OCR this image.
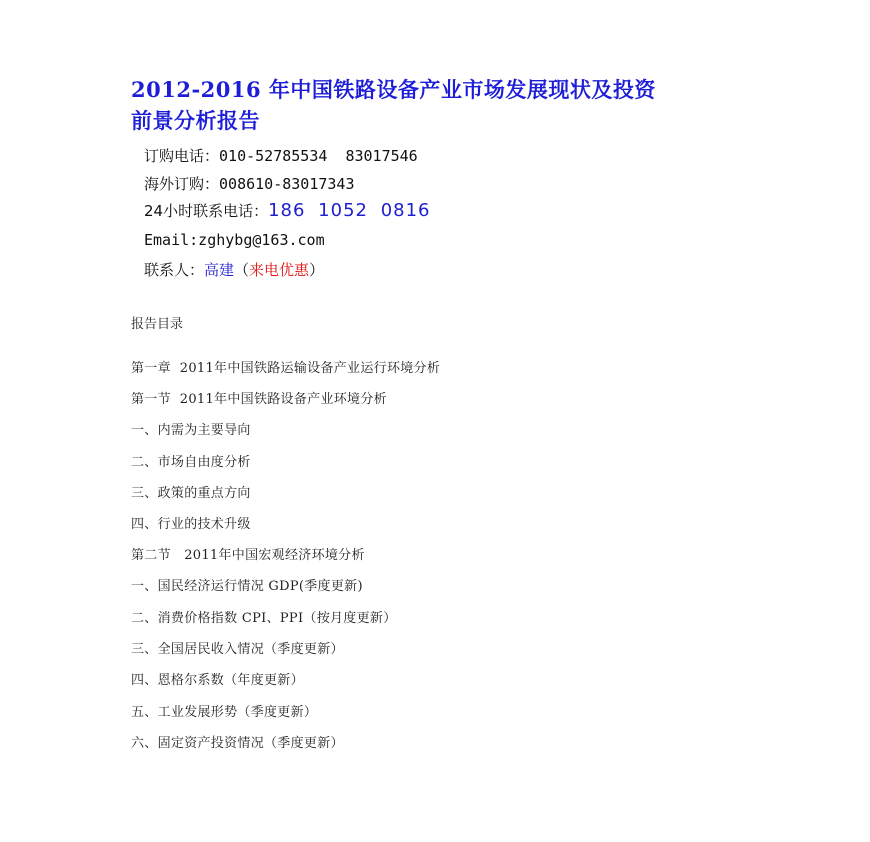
2012-2016 年中国铁路设备产业市场发展现状及投资
前景分析报告
订购电话：010-52785534  83017546
海外订购：008610-83017343
24小时联系电话：186 1052 0816
Email:zghybg@163.com
联系人：高建（来电优惠）
报告目录
第一章  2011年中国铁路运输设备产业运行环境分析
第一节  2011年中国铁路设备产业环境分析
一、内需为主要导向
二、市场自由度分析
三、政策的重点方向
四、行业的技术升级
第二节   2011年中国宏观经济环境分析
一、国民经济运行情况 GDP(季度更新)
二、消费价格指数 CPI、PPI（按月度更新）
三、全国居民收入情况（季度更新）
四、恩格尔系数（年度更新）
五、工业发展形势（季度更新）
六、固定资产投资情况（季度更新）
